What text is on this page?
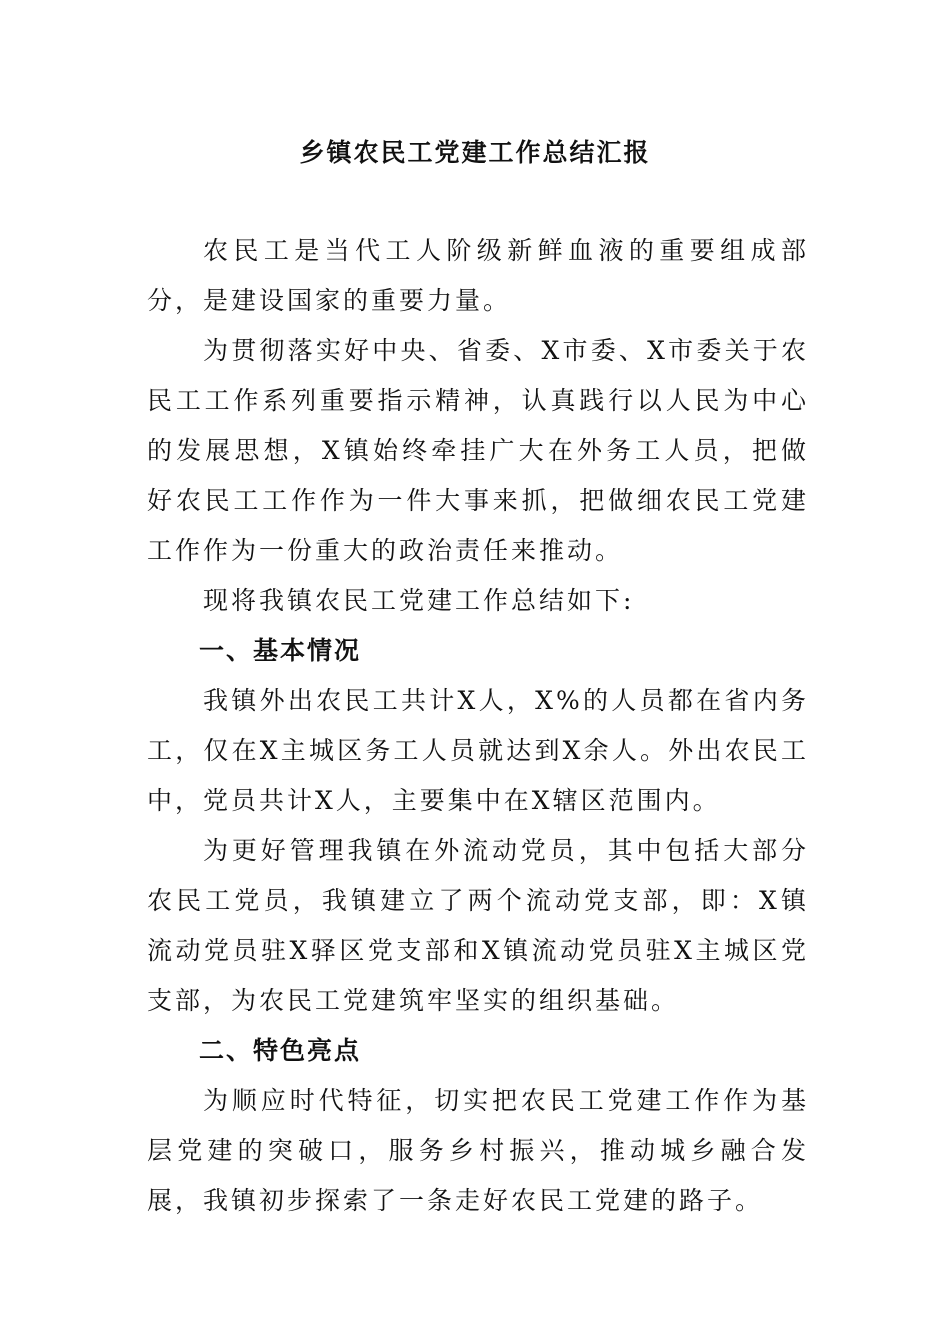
乡镇农民工党建工作总结汇报

农民工是当代工人阶级新鲜血液的重要组成部分，是建设国家的重要力量。

为贯彻落实好中央、省委、X市委、X市委关于农民工工作系列重要指示精神，认真践行以人民为中心的发展思想，X镇始终牵挂广大在外务工人员，把做好农民工工作作为一件大事来抓，把做细农民工党建工作作为一份重大的政治责任来推动。

现将我镇农民工党建工作总结如下:

一、基本情况

我镇外出农民工共计X人，X%的人员都在省内务工，仅在X主城区务工人员就达到X余人。外出农民工中，党员共计X人，主要集中在X辖区范围内。

为更好管理我镇在外流动党员，其中包括大部分农民工党员，我镇建立了两个流动党支部，即：X镇流动党员驻X驿区党支部和X镇流动党员驻X主城区党支部，为农民工党建筑牢坚实的组织基础。

二、特色亮点

为顺应时代特征，切实把农民工党建工作作为基层党建的突破口，服务乡村振兴，推动城乡融合发展，我镇初步探索了一条走好农民工党建的路子。
